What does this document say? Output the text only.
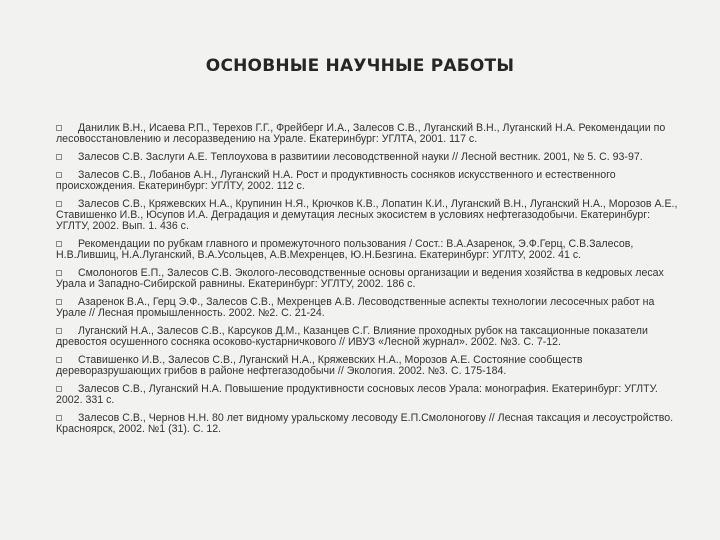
ОСНОВНЫЕ НАУЧНЫЕ РАБОТЫ
Данилик В.Н., Исаева Р.П., Терехов Г.Г., Фрейберг И.А., Залесов С.В., Луганский В.Н., Луганский Н.А. Рекомендации по лесовосстановлению и лесоразведению на Урале. Екатеринбург: УГЛТА, 2001. 117 с.
Залесов С.В. Заслуги А.Е. Теплоухова в развитиии лесоводственной науки // Лесной вестник. 2001, № 5. С. 93-97.
Залесов С.В., Лобанов А.Н., Луганский Н.А. Рост и продуктивность сосняков искусственного и естественного происхождения. Екатеринбург: УГЛТУ, 2002. 112 с.
Залесов С.В., Кряжевских Н.А., Крупинин Н.Я., Крючков К.В., Лопатин К.И., Луганский В.Н., Луганский Н.А., Морозов А.Е., Ставишенко И.В., Юсупов И.А. Деградация и демутация лесных экосистем в условиях нефтегазодобычи. Екатеринбург: УГЛТУ, 2002. Вып. 1. 436 с.
Рекомендации по рубкам главного и промежуточного пользования / Сост.: В.А.Азаренок, Э.Ф.Герц, С.В.Залесов, Н.В.Лившиц, Н.А.Луганский, В.А.Усольцев, А.В.Мехренцев, Ю.Н.Безгина. Екатеринбург: УГЛТУ, 2002. 41 с.
Смолоногов Е.П., Залесов С.В. Эколого-лесоводственные основы организации и ведения хозяйства в кедровых лесах Урала и Западно-Сибирской равнины. Екатеринбург: УГЛТУ, 2002. 186 с.
Азаренок В.А., Герц Э.Ф., Залесов С.В., Мехренцев А.В. Лесоводственные аспекты технологии лесосечных работ на Урале // Лесная промышленность. 2002. №2. С. 21-24.
Луганский Н.А., Залесов С.В., Карсуков Д.М., Казанцев С.Г. Влияние проходных рубок на таксационные показатели древостоя осушенного сосняка осоково-кустарничкового // ИВУЗ «Лесной журнал». 2002. №3. С. 7-12.
Ставишенко И.В., Залесов С.В., Луганский Н.А., Кряжевских Н.А., Морозов А.Е. Состояние сообществ дереворазрушающих грибов в районе нефтегазодобычи // Экология. 2002. №3. С. 175-184.
Залесов С.В., Луганский Н.А. Повышение продуктивности сосновых лесов Урала: монография. Екатеринбург: УГЛТУ. 2002. 331 с.
Залесов С.В., Чернов Н.Н. 80 лет видному уральскому лесоводу Е.П.Смолоногову // Лесная таксация и лесоустройство. Красноярск, 2002. №1 (31). С. 12.
